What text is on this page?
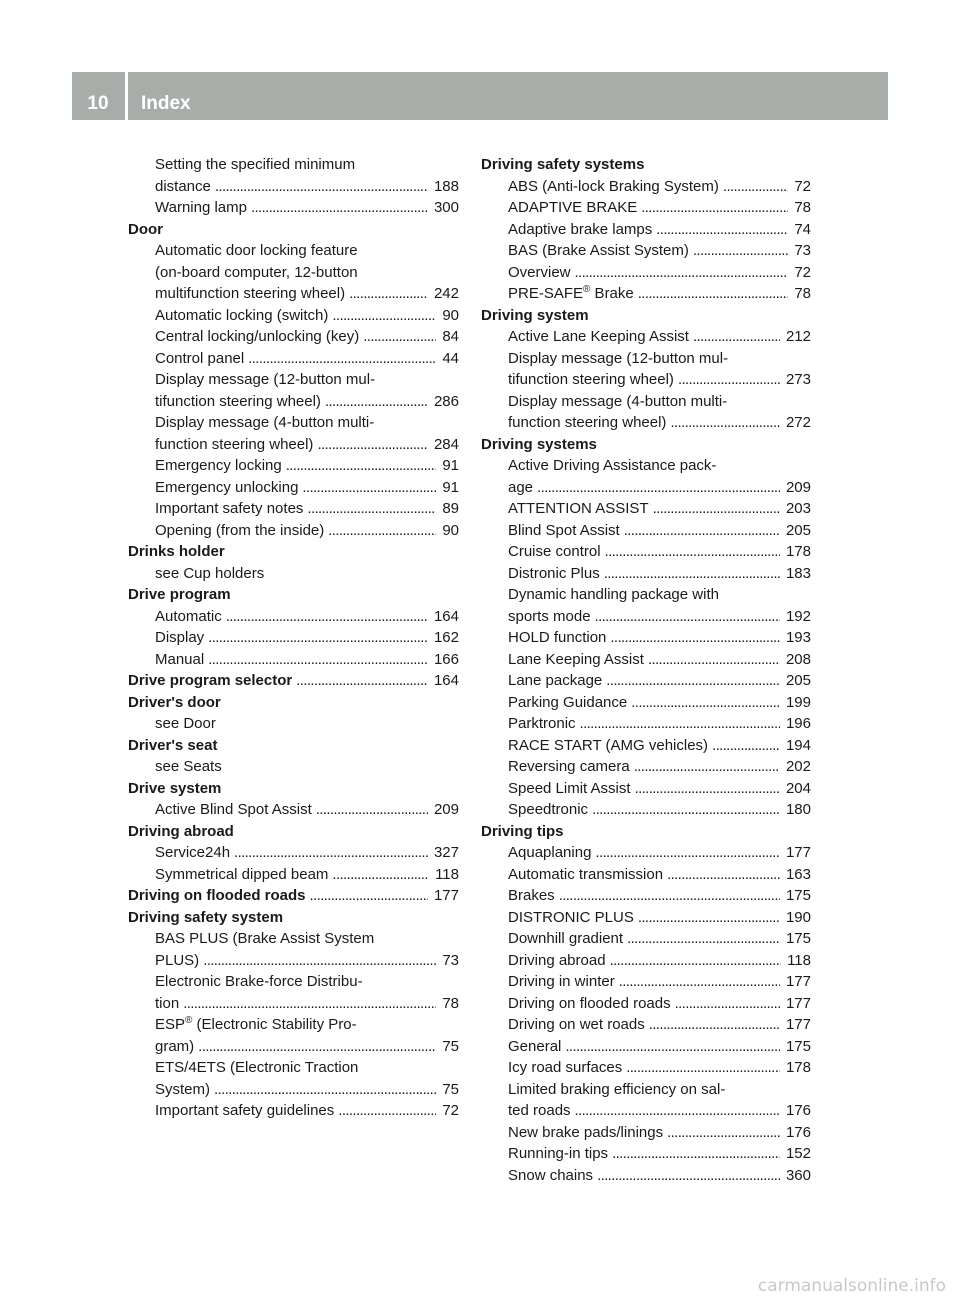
10	Index
Setting the specified minimum
distance . . .	188
Warning lamp . . .	300
Door
Automatic door locking feature
(on-board computer, 12-button
multifunction steering wheel) . . .	242
Automatic locking (switch) . . .	90
Central locking/unlocking (key) . . .	84
Control panel . . .	44
Display message (12-button mul-
tifunction steering wheel) . . .	286
Display message (4-button multi-
function steering wheel) . . .	284
Emergency locking . . .	91
Emergency unlocking . . .	91
Important safety notes . . .	89
Opening (from the inside) . . .	90
Drinks holder
see Cup holders
Drive program
Automatic . . .	164
Display . . .	162
Manual . . .	166
Drive program selector . . .	164
Driver's door
see Door
Driver's seat
see Seats
Drive system
Active Blind Spot Assist . . .	209
Driving abroad
Service24h . . .	327
Symmetrical dipped beam . . .	118
Driving on flooded roads . . .	177
Driving safety system
BAS PLUS (Brake Assist System
PLUS) . . .	73
Electronic Brake-force Distribu-
tion . . .	78
ESP® (Electronic Stability Pro-
gram) . . .	75
ETS/4ETS (Electronic Traction
System) . . .	75
Important safety guidelines . . .	72
Driving safety systems
ABS (Anti-lock Braking System) . . .	72
ADAPTIVE BRAKE . . .	78
Adaptive brake lamps . . .	74
BAS (Brake Assist System) . . .	73
Overview . . .	72
PRE-SAFE® Brake . . .	78
Driving system
Active Lane Keeping Assist . . .	212
Display message (12-button mul-
tifunction steering wheel) . . .	273
Display message (4-button multi-
function steering wheel) . . .	272
Driving systems
Active Driving Assistance pack-
age . . .	209
ATTENTION ASSIST . . .	203
Blind Spot Assist . . .	205
Cruise control . . .	178
Distronic Plus . . .	183
Dynamic handling package with
sports mode . . .	192
HOLD function . . .	193
Lane Keeping Assist . . .	208
Lane package . . .	205
Parking Guidance . . .	199
Parktronic . . .	196
RACE START (AMG vehicles) . . .	194
Reversing camera . . .	202
Speed Limit Assist . . .	204
Speedtronic . . .	180
Driving tips
Aquaplaning . . .	177
Automatic transmission . . .	163
Brakes . . .	175
DISTRONIC PLUS . . .	190
Downhill gradient . . .	175
Driving abroad . . .	118
Driving in winter . . .	177
Driving on flooded roads . . .	177
Driving on wet roads . . .	177
General . . .	175
Icy road surfaces . . .	178
Limited braking efficiency on sal-
ted roads . . .	176
New brake pads/linings . . .	176
Running-in tips . . .	152
Snow chains . . .	360
carmanualsonline.info
